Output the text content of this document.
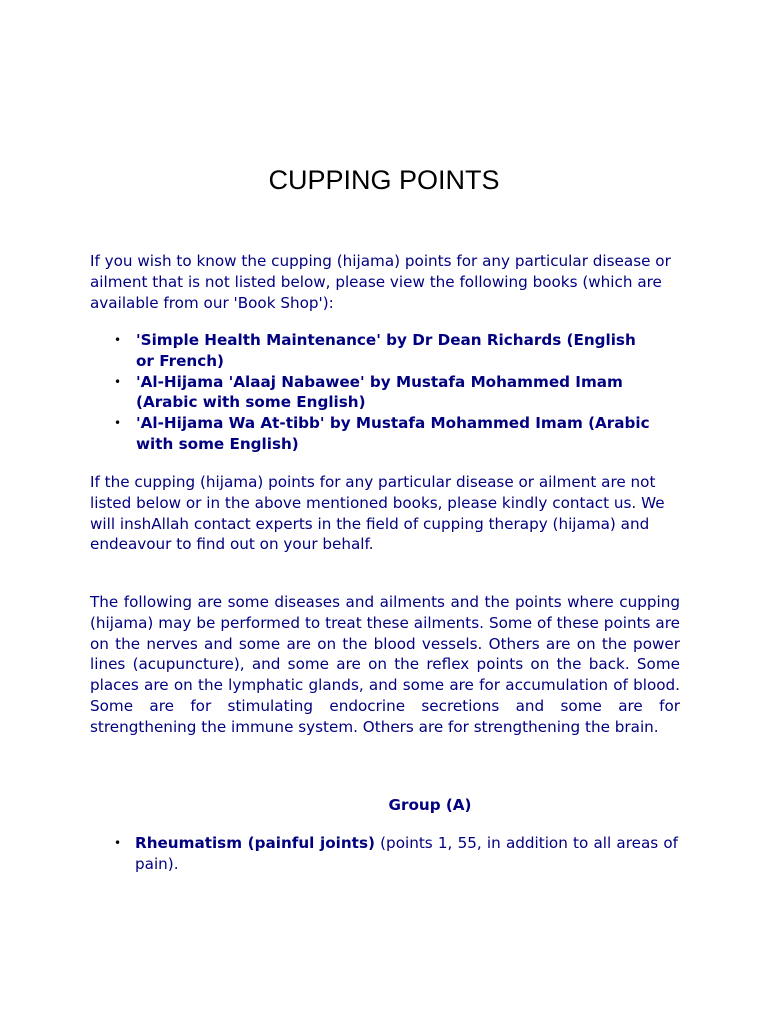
CUPPING POINTS

If you wish to know the cupping (hijama) points for any particular disease or ailment that is not listed below, please view the following books (which are available from our 'Book Shop'):

• 'Simple Health Maintenance' by Dr Dean Richards (English or French)
• 'Al-Hijama 'Alaaj Nabawee' by Mustafa Mohammed Imam (Arabic with some English)
• 'Al-Hijama Wa At-tibb' by Mustafa Mohammed Imam (Arabic with some English)

If the cupping (hijama) points for any particular disease or ailment are not listed below or in the above mentioned books, please kindly contact us. We will inshAllah contact experts in the field of cupping therapy (hijama) and endeavour to find out on your behalf.

The following are some diseases and ailments and the points where cupping (hijama) may be performed to treat these ailments. Some of these points are on the nerves and some are on the blood vessels. Others are on the power lines (acupuncture), and some are on the reflex points on the back. Some places are on the lymphatic glands, and some are for accumulation of blood. Some are for stimulating endocrine secretions and some are for strengthening the immune system. Others are for strengthening the brain.

Group (A)
• Rheumatism (painful joints) (points 1, 55, in addition to all areas of pain).
